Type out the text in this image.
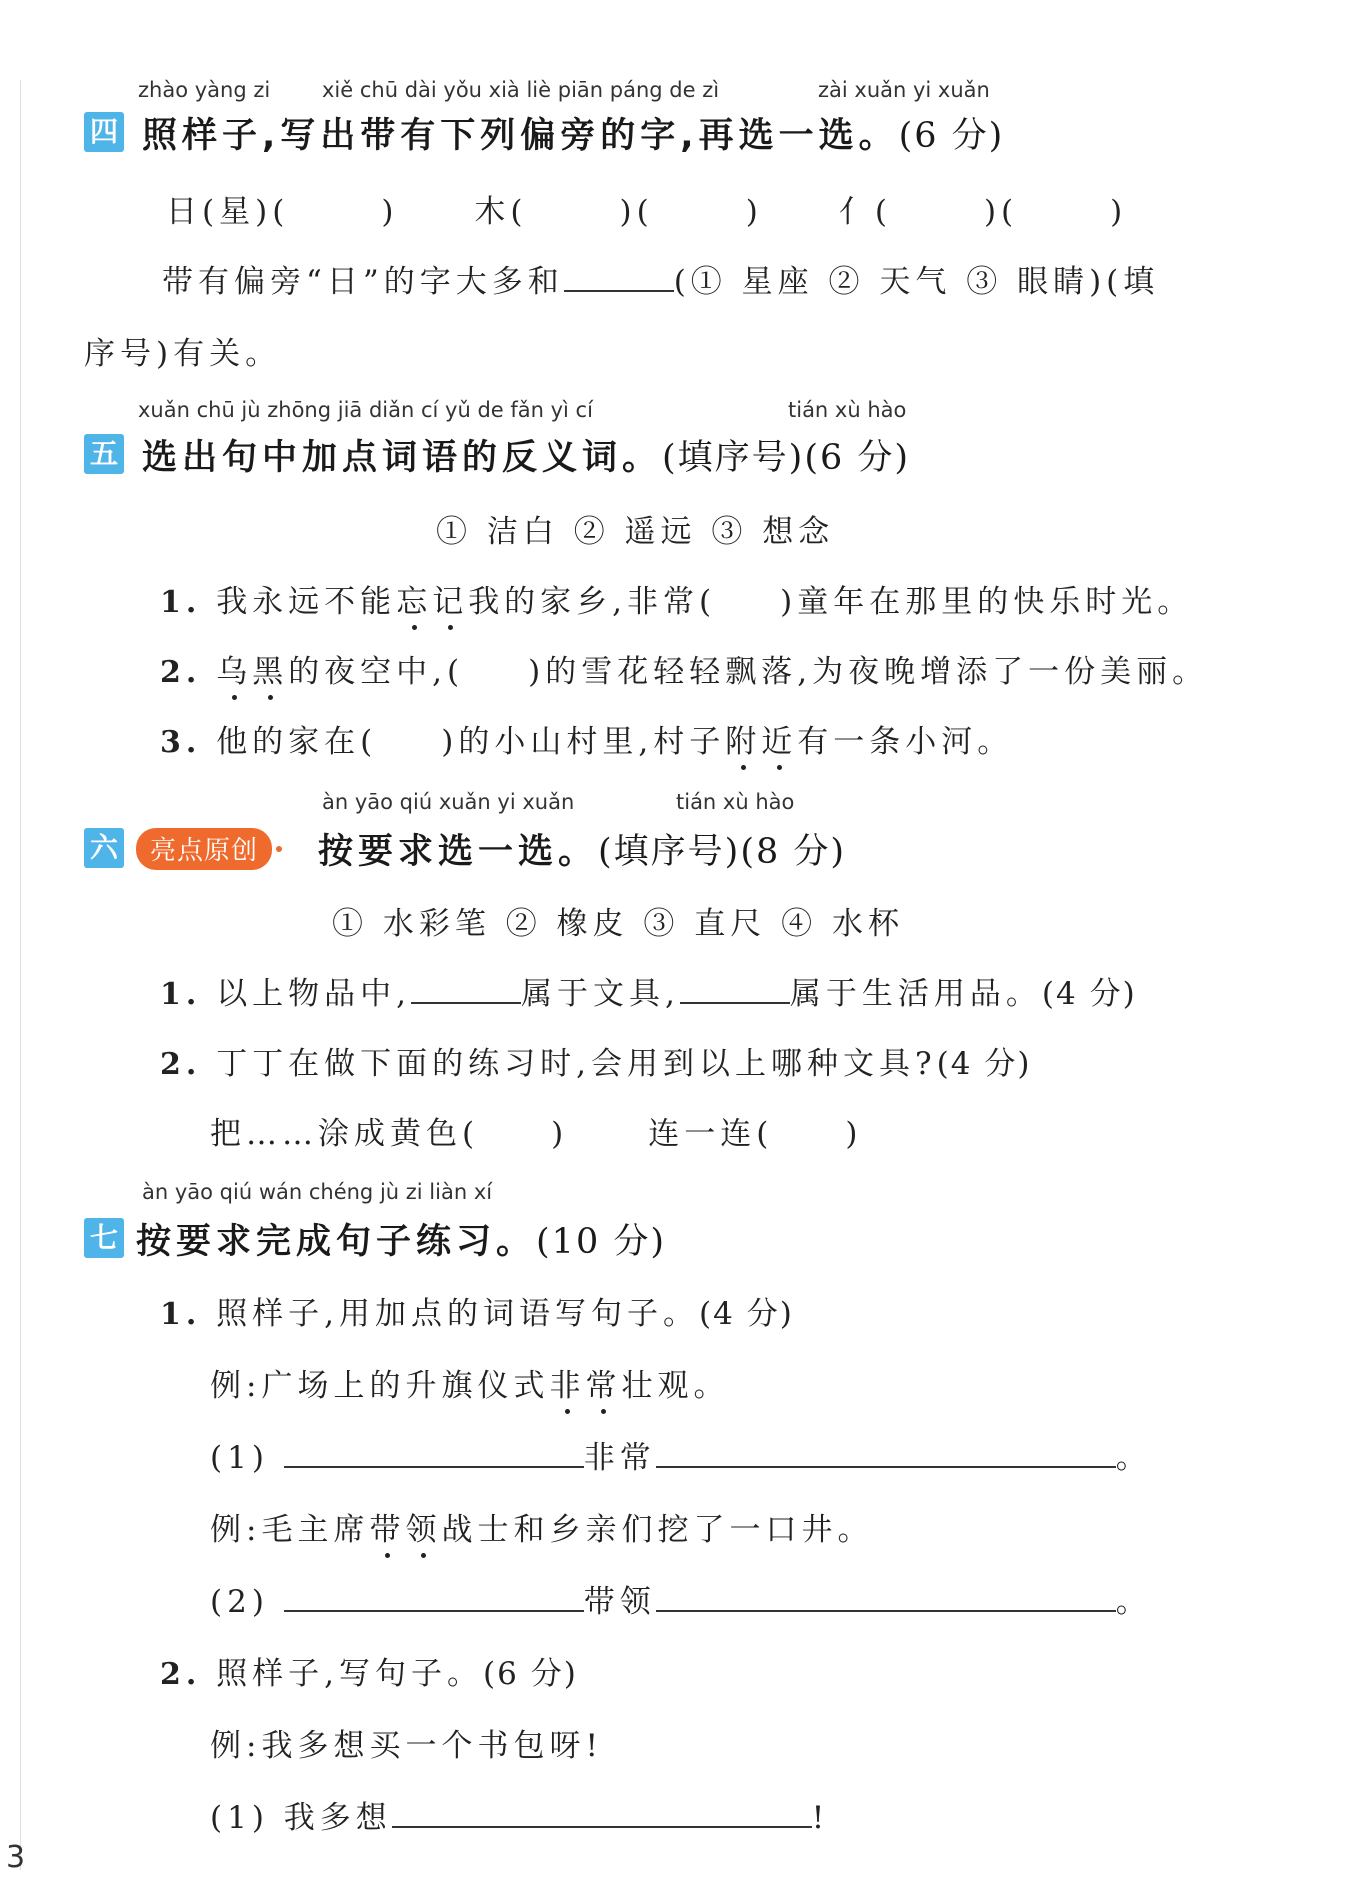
zhào yàng zi xiě chū dài yǒu xià liè piān páng de zì	zài xuǎn yi xuǎn
四 照样子,写出带有下列偏旁的字,再选一选。(6 分)
日(星)(	) 木(	)(	) 亻(	)(	)
带有偏旁“日”的字大多和	(① 星座 ② 天气 ③ 眼睛)(填
序号)有关。
xuǎn chū jù zhōng jiā diǎn cí yǔ de fǎn yì cí	tián xù hào
五 选出句中加点词语的反义词。(填序号)(6 分)
① 洁白 ② 遥远 ③ 想念
1. 我永远不能忘记我的家乡,非常( )童年在那里的快乐时光。
2. 乌黑的夜空中,( )的雪花轻轻飘落,为夜晚增添了一份美丽。
3. 他的家在( )的小山村里,村子附近有一条小河。
àn yāo qiú xuǎn yi xuǎn	tián xù hào
六	亮点原创	按要求选一选。(填序号)(8 分)
① 水彩笔 ② 橡皮 ③ 直尺 ④ 水杯
1. 以上物品中,	属于文具,	属于生活用品。(4 分)
2. 丁丁在做下面的练习时,会用到以上哪种文具?(4 分)
把……涂成黄色( )	连一连( )
àn yāo qiú wán chéng jù zi liàn xí
七 按要求完成句子练习。(10 分)
1. 照样子,用加点的词语写句子。(4 分)
例:广场上的升旗仪式非常壮观。
(1)	非常	。
例:毛主席带领战士和乡亲们挖了一口井。
(2)	带领	。
2. 照样子,写句子。(6 分)
例:我多想买一个书包呀!
(1) 我多想	!
3
